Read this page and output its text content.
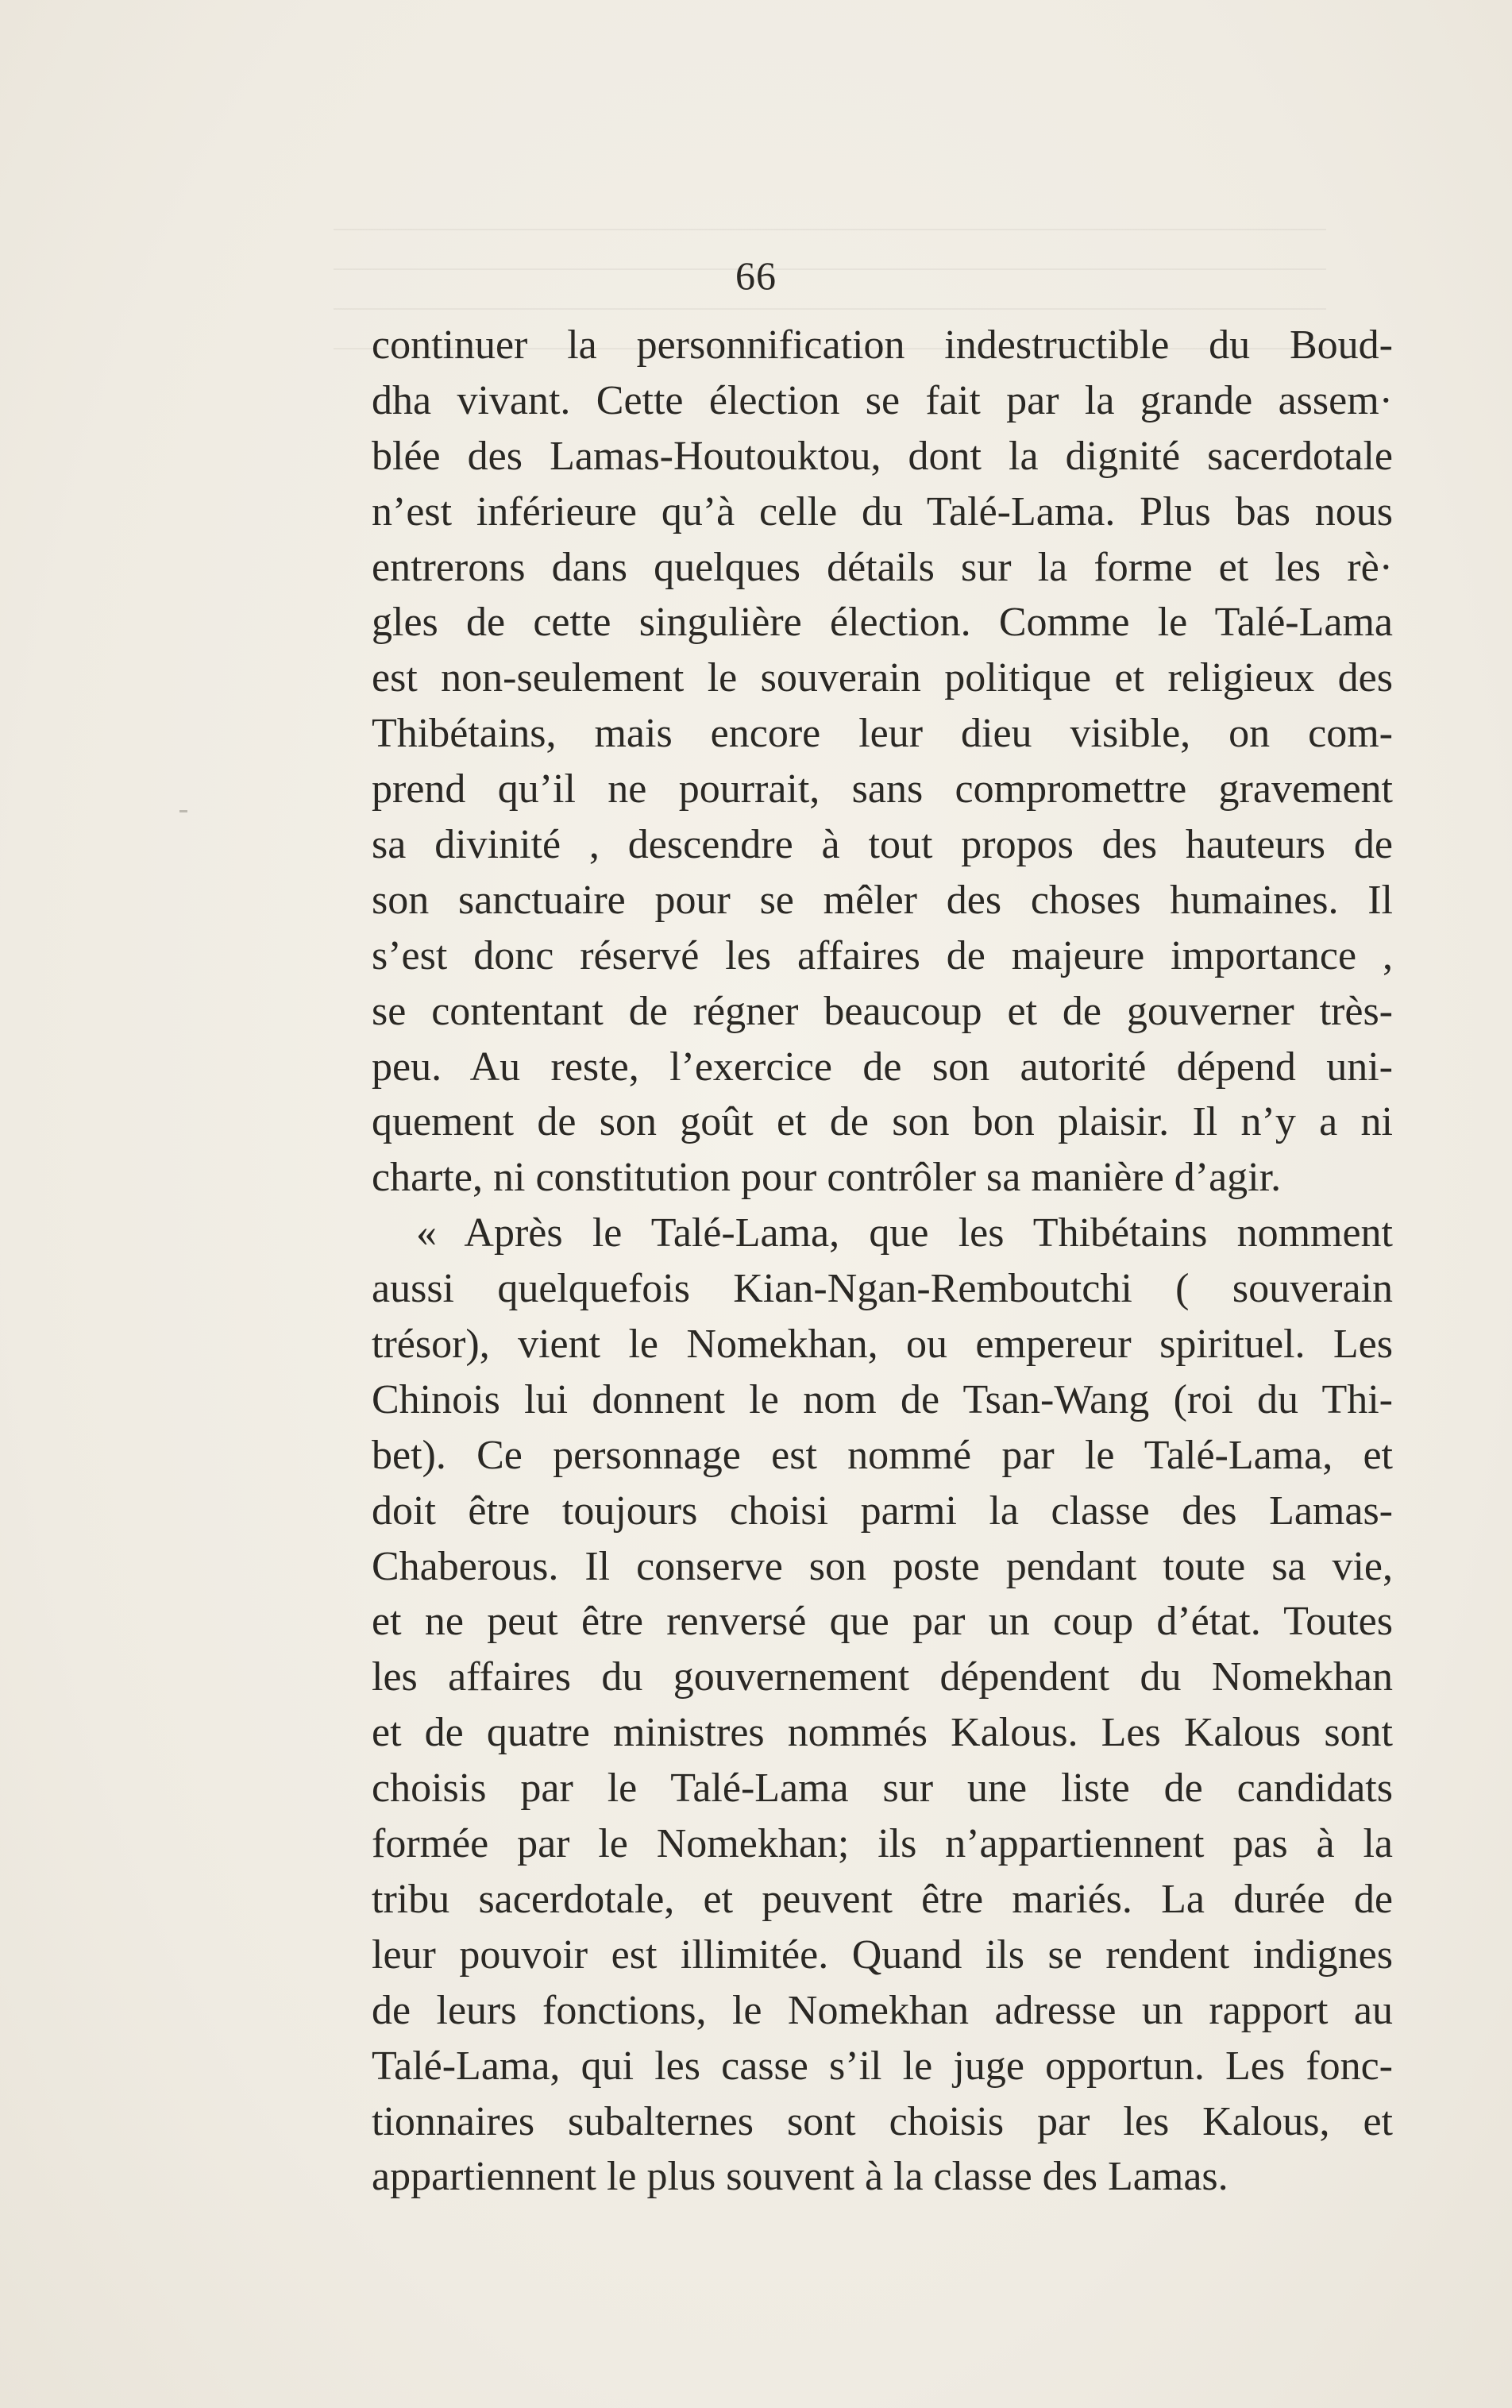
66
continuer la personnification indestructible du Boud-
dha vivant. Cette élection se fait par la grande assem·
blée des Lamas-Houtouktou, dont la dignité sacerdotale
n’est inférieure qu’à celle du Talé-Lama. Plus bas nous
entrerons dans quelques détails sur la forme et les rè·
gles de cette singulière élection. Comme le Talé-Lama
est non-seulement le souverain politique et religieux des
Thibétains, mais encore leur dieu visible, on com-
prend qu’il ne pourrait, sans compromettre gravement
sa divinité , descendre à tout propos des hauteurs de
son sanctuaire pour se mêler des choses humaines. Il
s’est donc réservé les affaires de majeure importance ,
se contentant de régner beaucoup et de gouverner très-
peu. Au reste, l’exercice de son autorité dépend uni-
quement de son goût et de son bon plaisir. Il n’y a ni
charte, ni constitution pour contrôler sa manière d’agir.
« Après le Talé-Lama, que les Thibétains nomment
aussi quelquefois Kian-Ngan-Remboutchi ( souverain
trésor), vient le Nomekhan, ou empereur spirituel. Les
Chinois lui donnent le nom de Tsan-Wang (roi du Thi-
bet). Ce personnage est nommé par le Talé-Lama, et
doit être toujours choisi parmi la classe des Lamas-
Chaberous. Il conserve son poste pendant toute sa vie,
et ne peut être renversé que par un coup d’état. Toutes
les affaires du gouvernement dépendent du Nomekhan
et de quatre ministres nommés Kalous. Les Kalous sont
choisis par le Talé-Lama sur une liste de candidats
formée par le Nomekhan; ils n’appartiennent pas à la
tribu sacerdotale, et peuvent être mariés. La durée de
leur pouvoir est illimitée. Quand ils se rendent indignes
de leurs fonctions, le Nomekhan adresse un rapport au
Talé-Lama, qui les casse s’il le juge opportun. Les fonc-
tionnaires subalternes sont choisis par les Kalous, et
appartiennent le plus souvent à la classe des Lamas.
